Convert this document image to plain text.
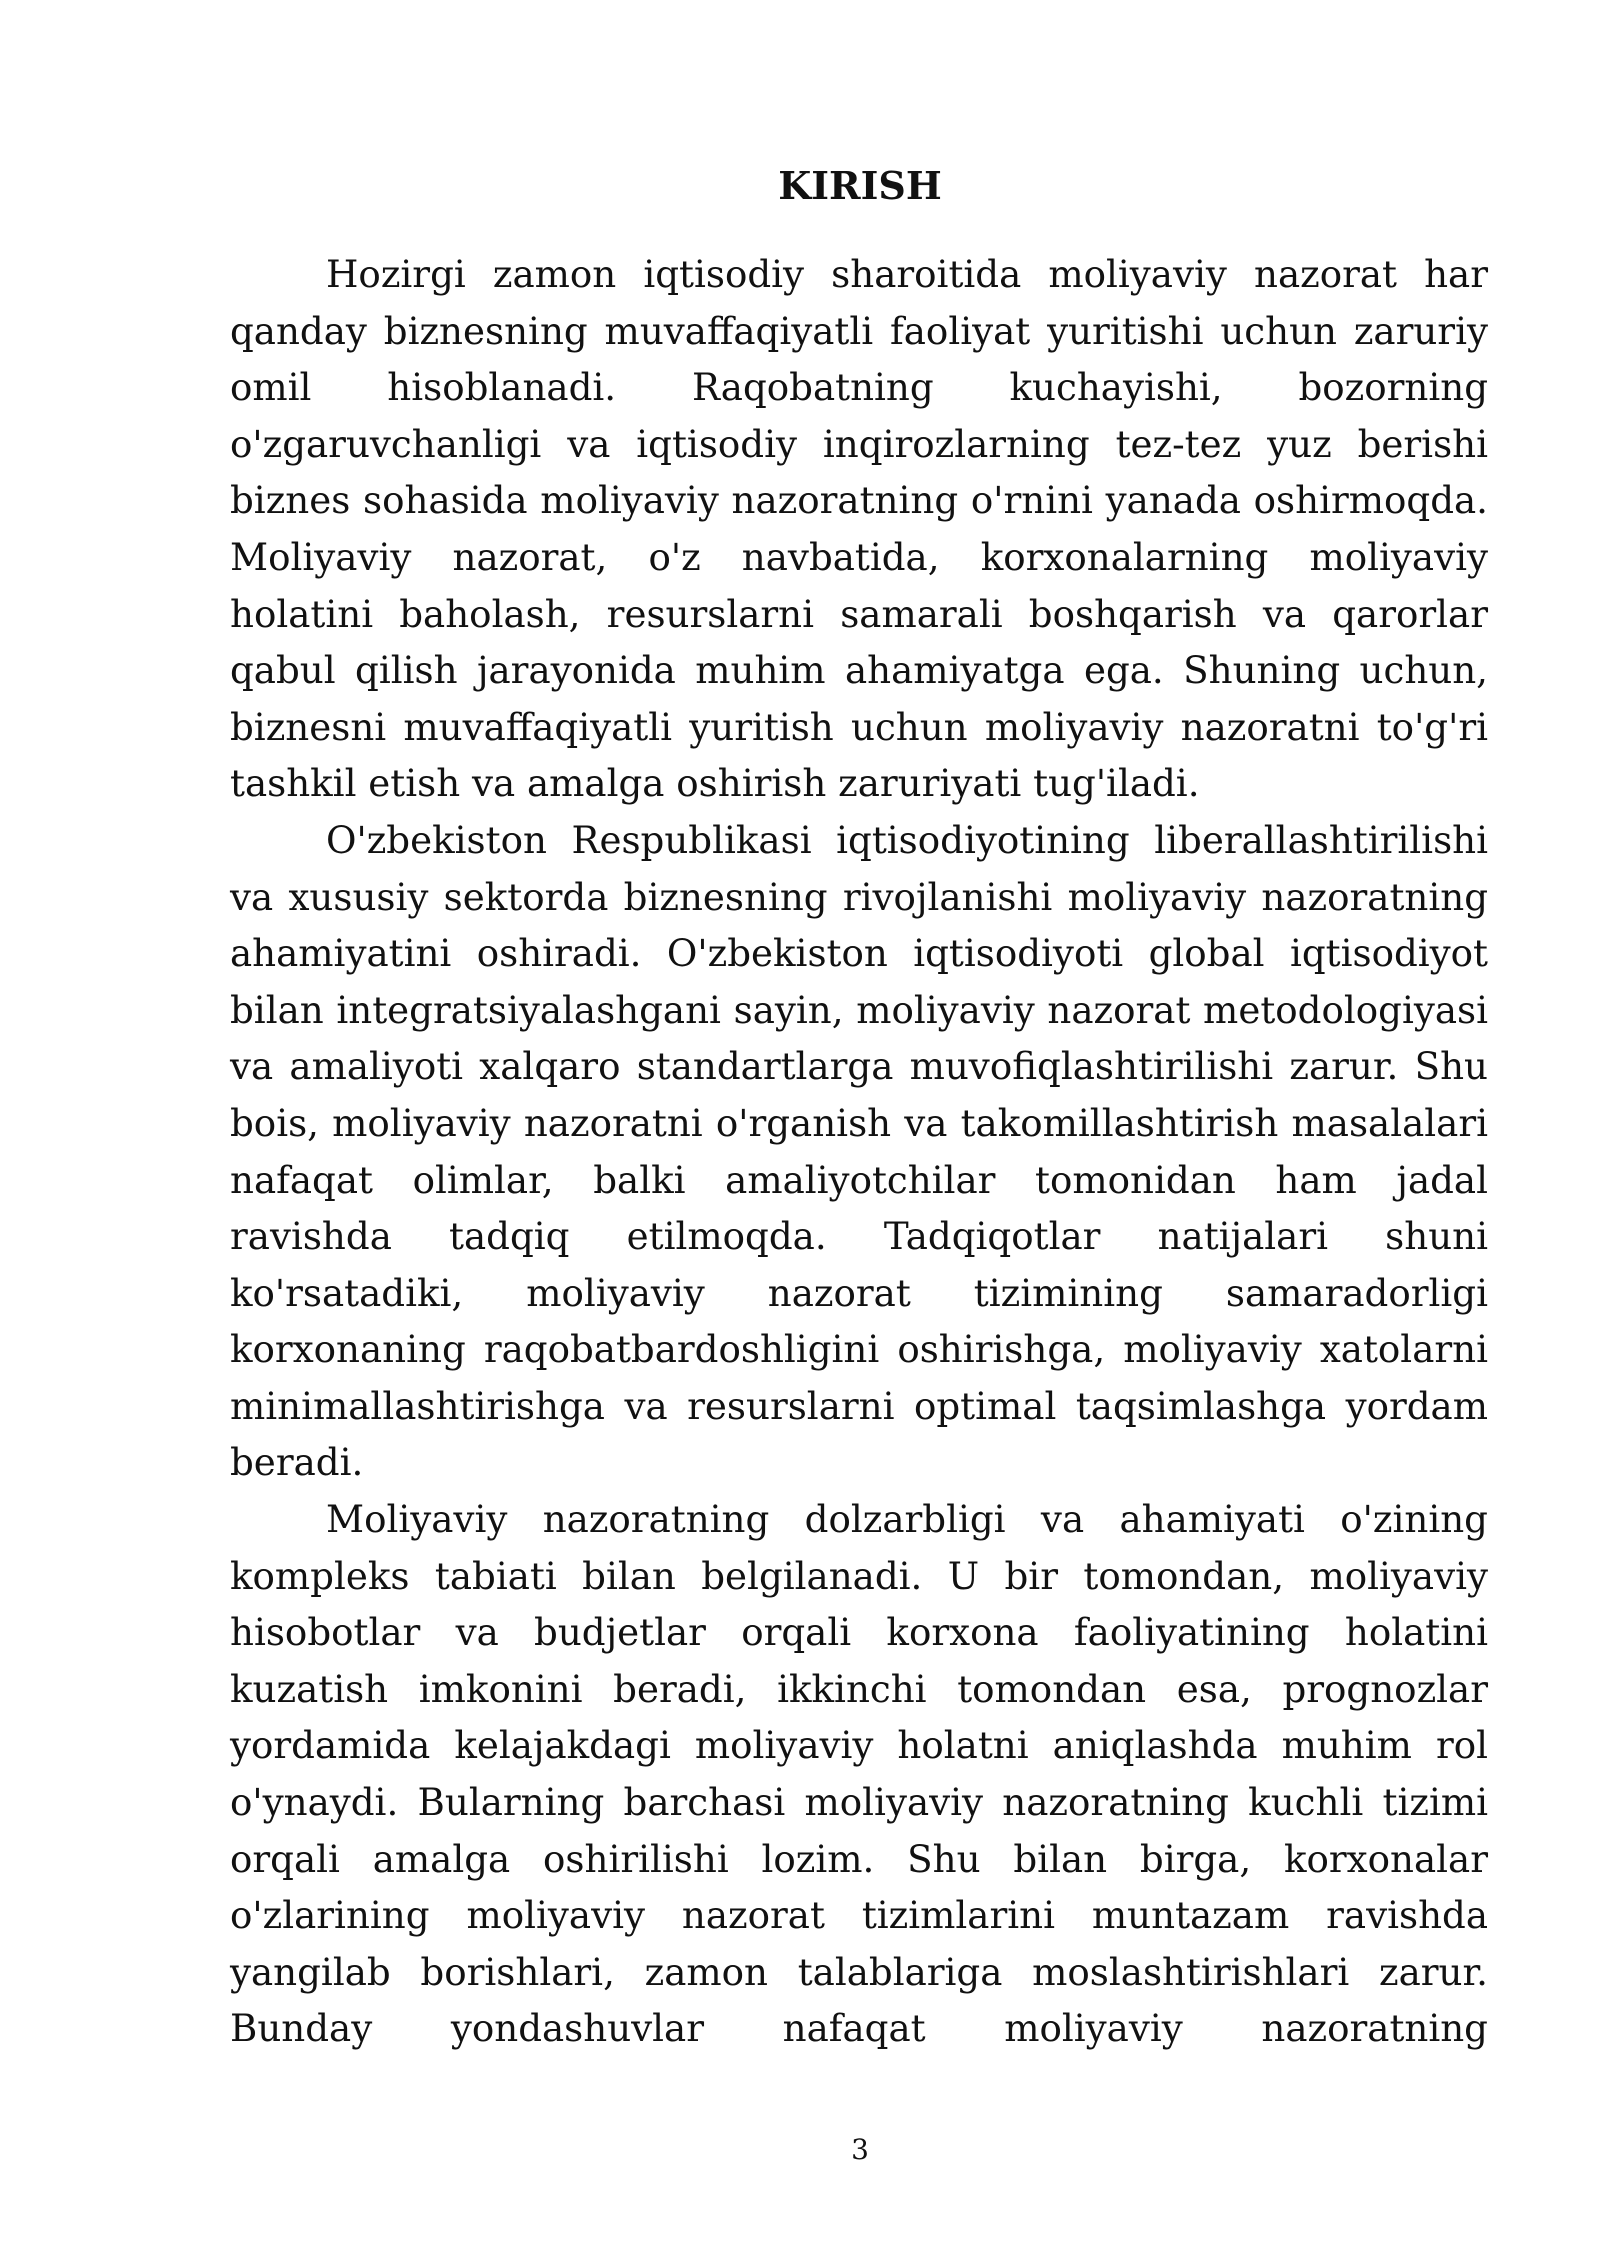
KIRISH

Hozirgi zamon iqtisodiy sharoitida moliyaviy nazorat har qanday biznesning muvaffaqiyatli faoliyat yuritishi uchun zaruriy omil hisoblanadi. Raqobatning kuchayishi, bozorning o'zgaruvchanligi va iqtisodiy inqirozlarning tez-tez yuz berishi biznes sohasida moliyaviy nazoratning o'rnini yanada oshirmoqda. Moliyaviy nazorat, o'z navbatida, korxonalarning moliyaviy holatini baholash, resurslarni samarali boshqarish va qarorlar qabul qilish jarayonida muhim ahamiyatga ega. Shuning uchun, biznesni muvaffaqiyatli yuritish uchun moliyaviy nazoratni to'g'ri tashkil etish va amalga oshirish zaruriyati tug'iladi.

O'zbekiston Respublikasi iqtisodiyotining liberallashtirilishi va xususiy sektorda biznesning rivojlanishi moliyaviy nazoratning ahamiyatini oshiradi. O'zbekiston iqtisodiyoti global iqtisodiyot bilan integratsiyalashgani sayin, moliyaviy nazorat metodologiyasi va amaliyoti xalqaro standartlarga muvofiqlashtirilishi zarur. Shu bois, moliyaviy nazoratni o'rganish va takomillashtirish masalalari nafaqat olimlar, balki amaliyotchilar tomonidan ham jadal ravishda tadqiq etilmoqda. Tadqiqotlar natijalari shuni ko'rsatadiki, moliyaviy nazorat tizimining samaradorligi korxonaning raqobatbardoshligini oshirishga, moliyaviy xatolarni minimallashtirishga va resurslarni optimal taqsimlashga yordam beradi.

Moliyaviy nazoratning dolzarbligi va ahamiyati o'zining kompleks tabiati bilan belgilanadi. U bir tomondan, moliyaviy hisobotlar va budjetlar orqali korxona faoliyatining holatini kuzatish imkonini beradi, ikkinchi tomondan esa, prognozlar yordamida kelajakdagi moliyaviy holatni aniqlashda muhim rol o'ynaydi. Bularning barchasi moliyaviy nazoratning kuchli tizimi orqali amalga oshirilishi lozim. Shu bilan birga, korxonalar o'zlarining moliyaviy nazorat tizimlarini muntazam ravishda yangilab borishlari, zamon talablariga moslashtirishlari zarur. Bunday yondashuvlar nafaqat moliyaviy nazoratning

3
